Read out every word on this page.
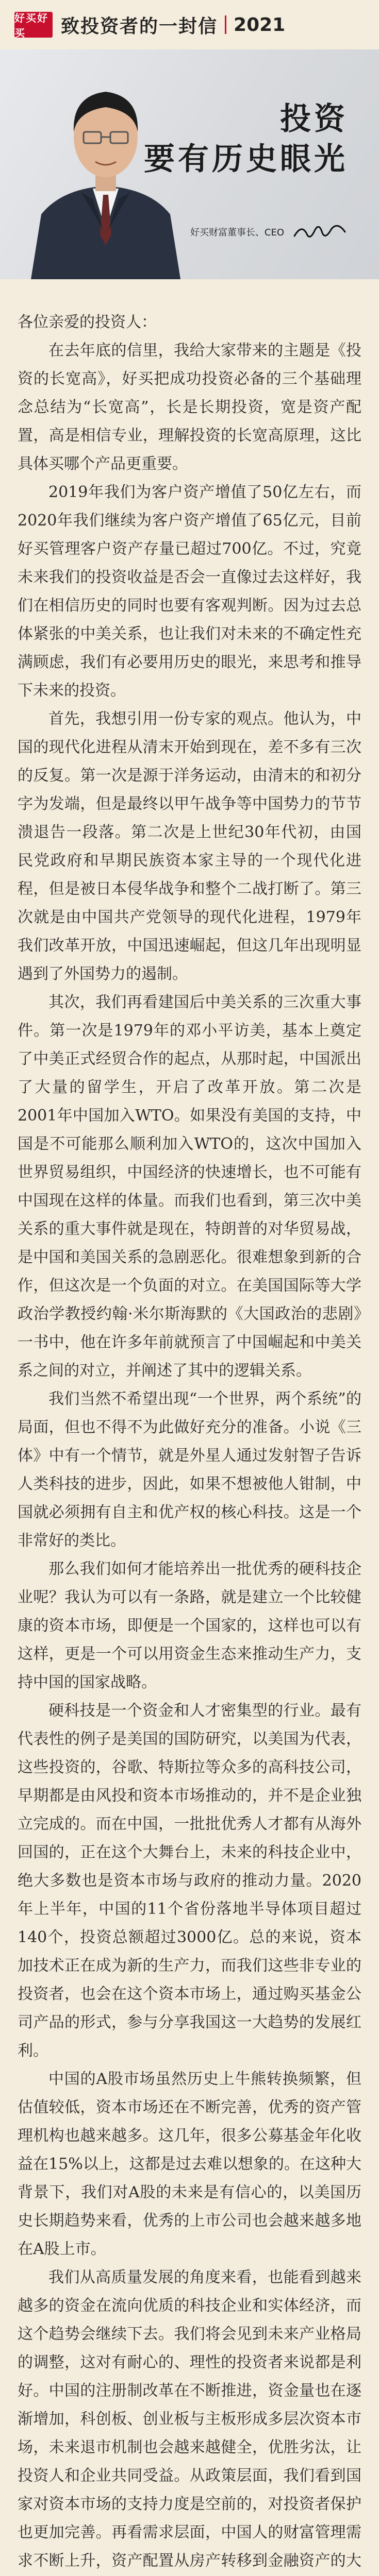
好买好买	致投资者的一封信 2021
投资
要有历史眼光
好买财富董事长、CEO

各位亲爱的投资人：

在去年底的信里，我给大家带来的主题是《投资的长宽高》，好买把成功投资必备的三个基础理念总结为“长宽高”，长是长期投资，宽是资产配置，高是相信专业，理解投资的长宽高原理，这比具体买哪个产品更重要。

2019年我们为客户资产增值了50亿左右，而2020年我们继续为客户资产增值了65亿元，目前好买管理客户资产存量已超过700亿。不过，究竟未来我们的投资收益是否会一直像过去这样好，我们在相信历史的同时也要有客观判断。因为过去总体紧张的中美关系，也让我们对未来的不确定性充满顾虑，我们有必要用历史的眼光，来思考和推导下未来的投资。

首先，我想引用一份专家的观点。他认为，中国的现代化进程从清末开始到现在，差不多有三次的反复。第一次是源于洋务运动，由清末的和初分字为发端，但是最终以甲午战争等中国势力的节节溃退告一段落。第二次是上世纪30年代初，由国民党政府和早期民族资本家主导的一个现代化进程，但是被日本侵华战争和整个二战打断了。第三次就是由中国共产党领导的现代化进程，1979年我们改革开放，中国迅速崛起，但这几年出现明显遇到了外国势力的遏制。

其次，我们再看建国后中美关系的三次重大事件。第一次是1979年的邓小平访美，基本上奠定了中美正式经贸合作的起点，从那时起，中国派出了大量的留学生，开启了改革开放。第二次是2001年中国加入WTO。如果没有美国的支持，中国是不可能那么顺利加入WTO的，这次中国加入世界贸易组织，中国经济的快速增长，也不可能有中国现在这样的体量。而我们也看到，第三次中美关系的重大事件就是现在，特朗普的对华贸易战，是中国和美国关系的急剧恶化。很难想象到新的合作，但这次是一个负面的对立。在美国国际等大学政治学教授约翰·米尔斯海默的《大国政治的悲剧》一书中，他在许多年前就预言了中国崛起和中美关系之间的对立，并阐述了其中的逻辑关系。

我们当然不希望出现“一个世界，两个系统”的局面，但也不得不为此做好充分的准备。小说《三体》中有一个情节，就是外星人通过发射智子告诉人类科技的进步，因此，如果不想被他人钳制，中国就必须拥有自主和优产权的核心科技。这是一个非常好的类比。

那么我们如何才能培养出一批优秀的硬科技企业呢？我认为可以有一条路，就是建立一个比较健康的资本市场，即便是一个国家的，这样也可以有这样，更是一个可以用资金生态来推动生产力，支持中国的国家战略。

硬科技是一个资金和人才密集型的行业。最有代表性的例子是美国的国防研究，以美国为代表，这些投资的，谷歌、特斯拉等众多的高科技公司，早期都是由风投和资本市场推动的，并不是企业独立完成的。而在中国，一批批优秀人才都有从海外回国的，正在这个大舞台上，未来的科技企业中，绝大多数也是资本市场与政府的推动力量。2020年上半年，中国的11个省份落地半导体项目超过140个，投资总额超过3000亿。总的来说，资本加技术正在成为新的生产力，而我们这些非专业的投资者，也会在这个资本市场上，通过购买基金公司产品的形式，参与分享我国这一大趋势的发展红利。

中国的A股市场虽然历史上牛熊转换频繁，但估值较低，资本市场还在不断完善，优秀的资产管理机构也越来越多。这几年，很多公募基金年化收益在15%以上，这都是过去难以想象的。在这种大背景下，我们对A股的未来是有信心的，以美国历史长期趋势来看，优秀的上市公司也会越来越多地在A股上市。

我们从高质量发展的角度来看，也能看到越来越多的资金在流向优质的科技企业和实体经济，而这个趋势会继续下去。我们将会见到未来产业格局的调整，这对有耐心的、理性的投资者来说都是利好。中国的注册制改革在不断推进，资金量也在逐渐增加，科创板、创业板与主板形成多层次资本市场，未来退市机制也会越来越健全，优胜劣汰，让投资人和企业共同受益。从政策层面，我们看到国家对资本市场的支持力度是空前的，对投资者保护也更加完善。再看需求层面，中国人的财富管理需求不断上升，资产配置从房产转移到金融资产的大
